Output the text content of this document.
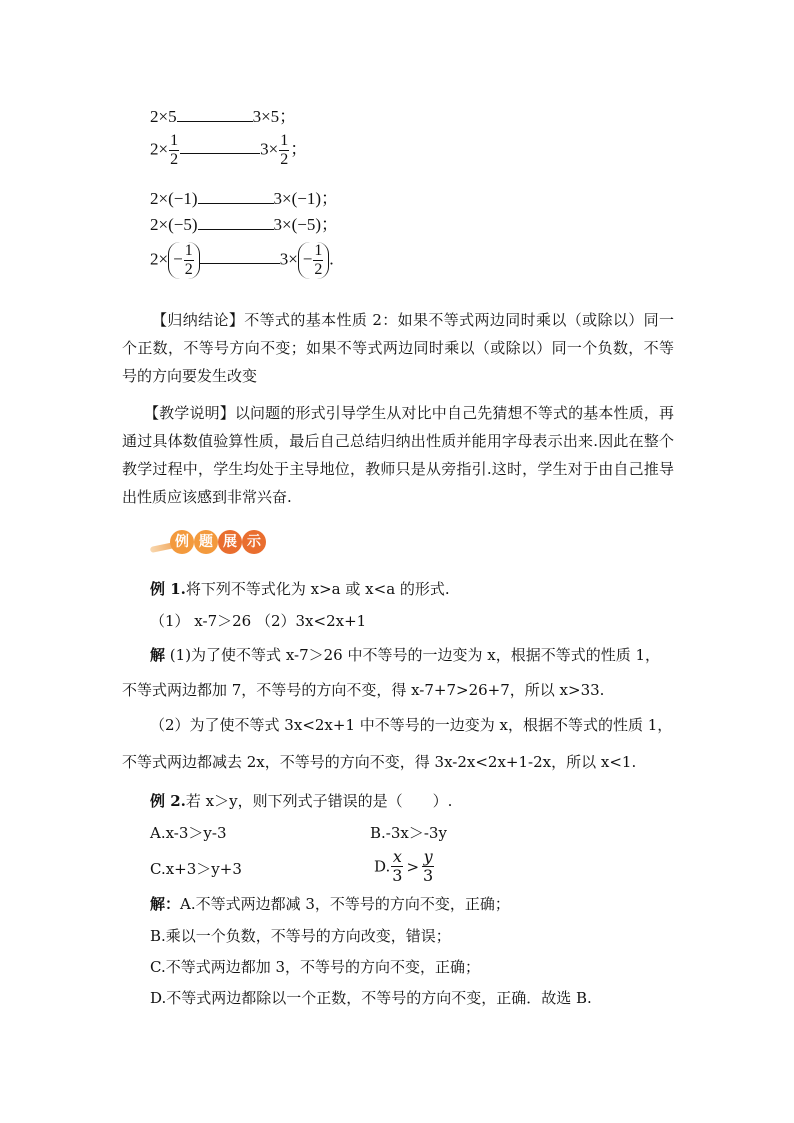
2×5	3×5；
$2\times \frac{1}{2}$	$3\times \frac{1}{2}$ ；
2×(−1)	3×(−1)；
2×(−5)	3×(−5)；
$2\times - \frac{1}{2}$	$3\times - \frac{1}{2}$ .
【归纳结论】不等式的基本性质 2：如果不等式两边同时乘以（或除以）同一个正数，不等号方向不变；如果不等式两边同时乘以（或除以）同一个负数，不等号的方向要发生改变
【教学说明】以问题的形式引导学生从对比中自己先猜想不等式的基本性质，再通过具体数值验算性质，最后自己总结归纳出性质并能用字母表示出来.因此在整个教学过程中，学生均处于主导地位，教师只是从旁指引.这时，学生对于由自己推导出性质应该感到非常兴奋.
例 题 展 示
例 1.将下列不等式化为 x>a 或 x<a 的形式.
（1） x-7＞26 （2）3x<2x+1
解 (1)为了使不等式 x-7＞26 中不等号的一边变为 x，根据不等式的性质 1，
不等式两边都加 7，不等号的方向不变，得 x-7+7>26+7，所以 x>33.
（2）为了使不等式 3x<2x+1 中不等号的一边变为 x，根据不等式的性质 1，
不等式两边都减去 2x，不等号的方向不变，得 3x-2x<2x+1-2x，所以 x<1.
例 2.若 x＞y，则下列式子错误的是（　　）.
A.x-3＞y-3	B.-3x＞-3y
C.x+3＞y+3	D. $\frac{x}{3} > \frac{y}{3}$
解：A.不等式两边都减 3，不等号的方向不变，正确；
B.乘以一个负数，不等号的方向改变，错误；
C.不等式两边都加 3，不等号的方向不变，正确；
D.不等式两边都除以一个正数，不等号的方向不变，正确．故选 B.
